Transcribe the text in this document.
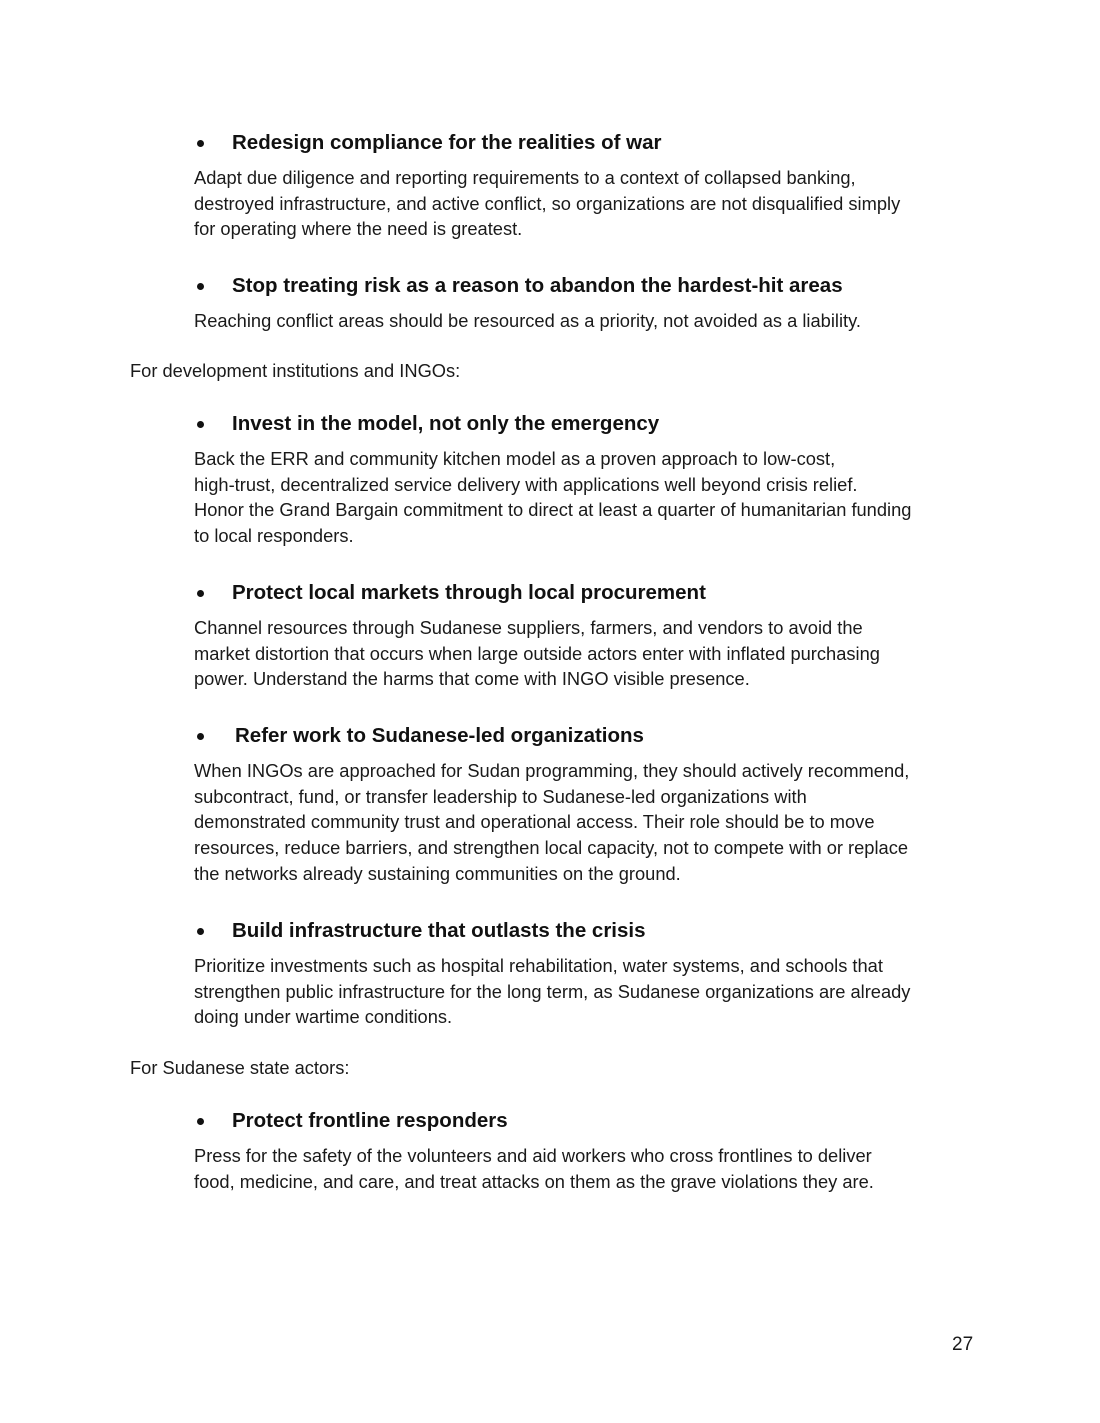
Redesign compliance for the realities of war
Adapt due diligence and reporting requirements to a context of collapsed banking,
destroyed infrastructure, and active conflict, so organizations are not disqualified simply
for operating where the need is greatest.
Stop treating risk as a reason to abandon the hardest-hit areas
Reaching conflict areas should be resourced as a priority, not avoided as a liability.
For development institutions and INGOs:
Invest in the model, not only the emergency
Back the ERR and community kitchen model as a proven approach to low-cost,
high-trust, decentralized service delivery with applications well beyond crisis relief.
Honor the Grand Bargain commitment to direct at least a quarter of humanitarian funding
to local responders.
Protect local markets through local procurement
Channel resources through Sudanese suppliers, farmers, and vendors to avoid the
market distortion that occurs when large outside actors enter with inflated purchasing
power. Understand the harms that come with INGO visible presence.
Refer work to Sudanese-led organizations
When INGOs are approached for Sudan programming, they should actively recommend,
subcontract, fund, or transfer leadership to Sudanese-led organizations with
demonstrated community trust and operational access. Their role should be to move
resources, reduce barriers, and strengthen local capacity, not to compete with or replace
the networks already sustaining communities on the ground.
Build infrastructure that outlasts the crisis
Prioritize investments such as hospital rehabilitation, water systems, and schools that
strengthen public infrastructure for the long term, as Sudanese organizations are already
doing under wartime conditions.
For Sudanese state actors:
Protect frontline responders
Press for the safety of the volunteers and aid workers who cross frontlines to deliver
food, medicine, and care, and treat attacks on them as the grave violations they are.
27
